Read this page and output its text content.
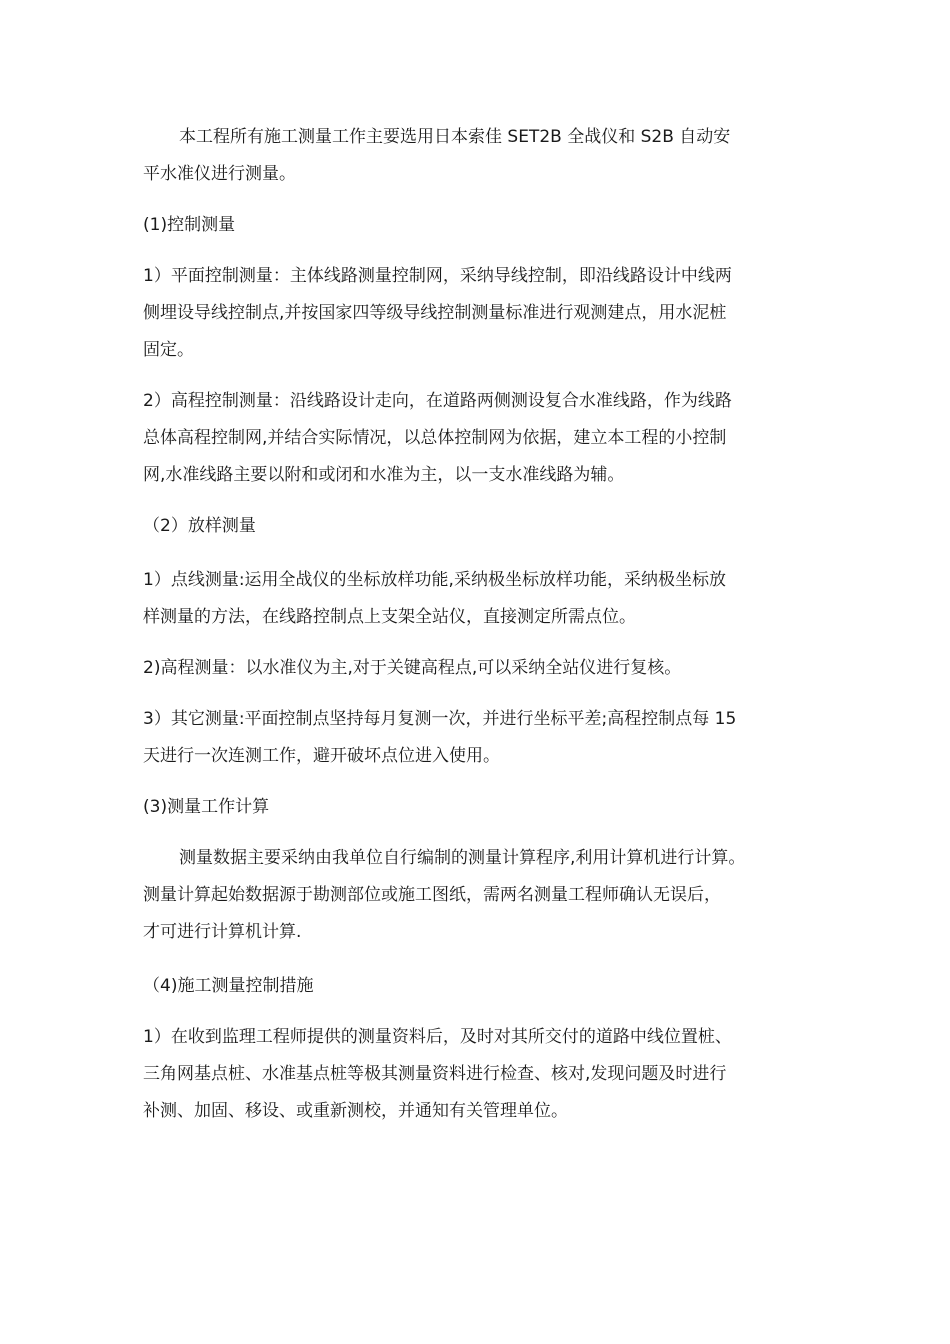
本工程所有施工测量工作主要选用日本索佳 SET2B 全战仪和 S2B 自动安
平水准仪进行测量。

(1)控制测量

1）平面控制测量：主体线路测量控制网，采纳导线控制，即沿线路设计中线两
侧埋设导线控制点,并按国家四等级导线控制测量标准进行观测建点，用水泥桩
固定。

2）高程控制测量：沿线路设计走向，在道路两侧测设复合水准线路，作为线路
总体高程控制网,并结合实际情况，以总体控制网为依据，建立本工程的小控制
网,水准线路主要以附和或闭和水准为主，以一支水准线路为辅。

（2）放样测量

1）点线测量:运用全战仪的坐标放样功能,采纳极坐标放样功能，采纳极坐标放
样测量的方法，在线路控制点上支架全站仪，直接测定所需点位。

2)高程测量：以水准仪为主,对于关键高程点,可以采纳全站仪进行复核。

3）其它测量:平面控制点坚持每月复测一次，并进行坐标平差;高程控制点每 15
天进行一次连测工作，避开破坏点位进入使用。

(3)测量工作计算

测量数据主要采纳由我单位自行编制的测量计算程序,利用计算机进行计算。
测量计算起始数据源于勘测部位或施工图纸，需两名测量工程师确认无误后，
才可进行计算机计算.

（4)施工测量控制措施

1）在收到监理工程师提供的测量资料后，及时对其所交付的道路中线位置桩、
三角网基点桩、水准基点桩等极其测量资料进行检查、核对,发现问题及时进行
补测、加固、移设、或重新测校，并通知有关管理单位。
